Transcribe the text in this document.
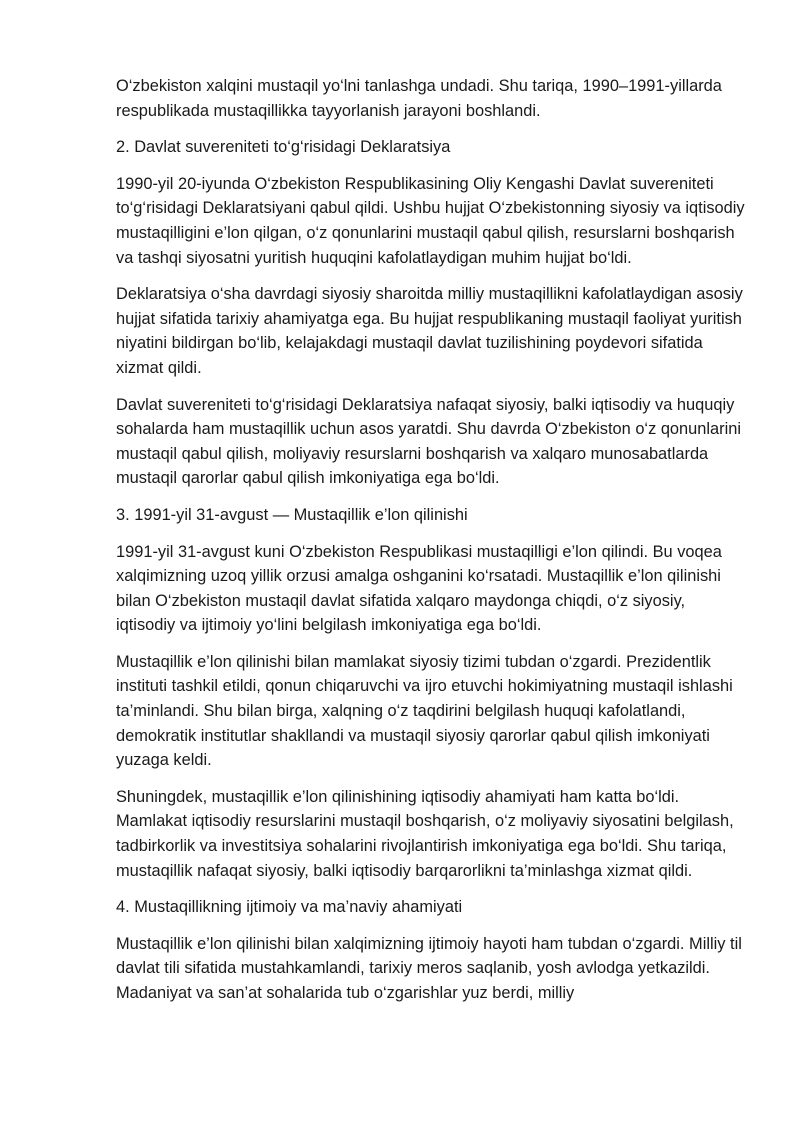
O‘zbekiston xalqini mustaqil yo‘lni tanlashga undadi. Shu tariqa, 1990–1991-yillarda respublikada mustaqillikka tayyorlanish jarayoni boshlandi.

2. Davlat suvereniteti to‘g‘risidagi Deklaratsiya

1990-yil 20-iyunda O‘zbekiston Respublikasining Oliy Kengashi Davlat suvereniteti to‘g‘risidagi Deklaratsiyani qabul qildi. Ushbu hujjat O‘zbekistonning siyosiy va iqtisodiy mustaqilligini e’lon qilgan, o‘z qonunlarini mustaqil qabul qilish, resurslarni boshqarish va tashqi siyosatni yuritish huquqini kafolatlaydigan muhim hujjat bo‘ldi.

Deklaratsiya o‘sha davrdagi siyosiy sharoitda milliy mustaqillikni kafolatlaydigan asosiy hujjat sifatida tarixiy ahamiyatga ega. Bu hujjat respublikaning mustaqil faoliyat yuritish niyatini bildirgan bo‘lib, kelajakdagi mustaqil davlat tuzilishining poydevori sifatida xizmat qildi.

Davlat suvereniteti to‘g‘risidagi Deklaratsiya nafaqat siyosiy, balki iqtisodiy va huquqiy sohalarda ham mustaqillik uchun asos yaratdi. Shu davrda O‘zbekiston o‘z qonunlarini mustaqil qabul qilish, moliyaviy resurslarni boshqarish va xalqaro munosabatlarda mustaqil qarorlar qabul qilish imkoniyatiga ega bo‘ldi.

3. 1991-yil 31-avgust — Mustaqillik e’lon qilinishi

1991-yil 31-avgust kuni O‘zbekiston Respublikasi mustaqilligi e’lon qilindi. Bu voqea xalqimizning uzoq yillik orzusi amalga oshganini ko‘rsatadi. Mustaqillik e’lon qilinishi bilan O‘zbekiston mustaqil davlat sifatida xalqaro maydonga chiqdi, o‘z siyosiy, iqtisodiy va ijtimoiy yo‘lini belgilash imkoniyatiga ega bo‘ldi.

Mustaqillik e’lon qilinishi bilan mamlakat siyosiy tizimi tubdan o‘zgardi. Prezidentlik instituti tashkil etildi, qonun chiqaruvchi va ijro etuvchi hokimiyatning mustaqil ishlashi ta’minlandi. Shu bilan birga, xalqning o‘z taqdirini belgilash huquqi kafolatlandi, demokratik institutlar shakllandi va mustaqil siyosiy qarorlar qabul qilish imkoniyati yuzaga keldi.

Shuningdek, mustaqillik e’lon qilinishining iqtisodiy ahamiyati ham katta bo‘ldi. Mamlakat iqtisodiy resurslarini mustaqil boshqarish, o‘z moliyaviy siyosatini belgilash, tadbirkorlik va investitsiya sohalarini rivojlantirish imkoniyatiga ega bo‘ldi. Shu tariqa, mustaqillik nafaqat siyosiy, balki iqtisodiy barqarorlikni ta’minlashga xizmat qildi.

4. Mustaqillikning ijtimoiy va ma’naviy ahamiyati

Mustaqillik e’lon qilinishi bilan xalqimizning ijtimoiy hayoti ham tubdan o‘zgardi. Milliy til davlat tili sifatida mustahkamlandi, tarixiy meros saqlanib, yosh avlodga yetkazildi. Madaniyat va san’at sohalarida tub o‘zgarishlar yuz berdi, milliy
